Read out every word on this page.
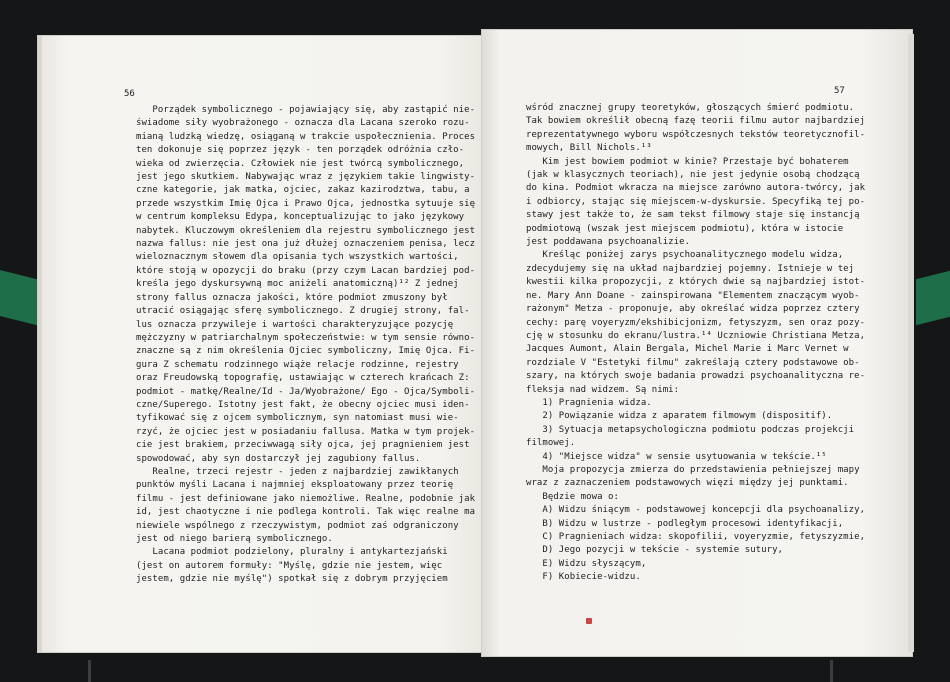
56
Porządek symbolicznego - pojawiający się, aby zastąpić nie-
świadome siły wyobrażonego - oznacza dla Lacana szeroko rozu-
mianą ludzką wiedzę, osiąganą w trakcie uspołecznienia. Proces
ten dokonuje się poprzez język - ten porządek odróżnia czło-
wieka od zwierzęcia. Człowiek nie jest twórcą symbolicznego,
jest jego skutkiem. Nabywając wraz z językiem takie lingwisty-
czne kategorie, jak matka, ojciec, zakaz kazirodztwa, tabu, a
przede wszystkim Imię Ojca i Prawo Ojca, jednostka sytuuje się
w centrum kompleksu Edypa, konceptualizując to jako językowy
nabytek. Kluczowym określeniem dla rejestru symbolicznego jest
nazwa fallus: nie jest ona już dłużej oznaczeniem penisa, lecz
wieloznacznym słowem dla opisania tych wszystkich wartości,
które stoją w opozycji do braku (przy czym Lacan bardziej pod-
kreśla jego dyskursywną moc aniżeli anatomiczną)¹² Z jednej
strony fallus oznacza jakości, które podmiot zmuszony był
utracić osiągając sferę symbolicznego. Z drugiej strony, fal-
lus oznacza przywileje i wartości charakteryzujące pozycję
mężczyzny w patriarchalnym społeczeństwie: w tym sensie równo-
znaczne są z nim określenia Ojciec symboliczny, Imię Ojca. Fi-
gura Z schematu rodzinnego wiąże relacje rodzinne, rejestry
oraz Freudowską topografię, ustawiając w czterech krańcach Z:
podmiot - matkę/Realne/Id - Ja/Wyobrażone/ Ego - Ojca/Symboli-
czne/Superego. Istotny jest fakt, że obecny ojciec musi iden-
tyfikować się z ojcem symbolicznym, syn natomiast musi wie-
rzyć, że ojciec jest w posiadaniu fallusa. Matka w tym projek-
cie jest brakiem, przeciwwagą siły ojca, jej pragnieniem jest
spowodować, aby syn dostarczył jej zagubiony fallus.
Realne, trzeci rejestr - jeden z najbardziej zawikłanych
punktów myśli Lacana i najmniej eksploatowany przez teorię
filmu - jest definiowane jako niemożliwe. Realne, podobnie jak
id, jest chaotyczne i nie podlega kontroli. Tak więc realne ma
niewiele wspólnego z rzeczywistym, podmiot zaś odgraniczony
jest od niego barierą symbolicznego.
Lacana podmiot podzielony, pluralny i antykartezjański
(jest on autorem formuły: "Myślę, gdzie nie jestem, więc
jestem, gdzie nie myślę") spotkał się z dobrym przyjęciem
57
wśród znacznej grupy teoretyków, głoszących śmierć podmiotu.
Tak bowiem określił obecną fazę teorii filmu autor najbardziej
reprezentatywnego wyboru współczesnych tekstów teoretycznofil-
mowych, Bill Nichols.¹³
Kim jest bowiem podmiot w kinie? Przestaje być bohaterem
(jak w klasycznych teoriach), nie jest jedynie osobą chodzącą
do kina. Podmiot wkracza na miejsce zarówno autora-twórcy, jak
i odbiorcy, stając się miejscem-w-dyskursie. Specyfiką tej po-
stawy jest także to, że sam tekst filmowy staje się instancją
podmiotową (wszak jest miejscem podmiotu), która w istocie
jest poddawana psychoanalizie.
Kreśląc poniżej zarys psychoanalitycznego modelu widza,
zdecydujemy się na układ najbardziej pojemny. Istnieje w tej
kwestii kilka propozycji, z których dwie są najbardziej istot-
ne. Mary Ann Doane - zainspirowana "Elementem znaczącym wyob-
rażonym" Metza - proponuje, aby określać widza poprzez cztery
cechy: parę voyeryzm/ekshibicjonizm, fetyszyzm, sen oraz pozy-
cję w stosunku do ekranu/lustra.¹⁴ Uczniowie Christiana Metza,
Jacques Aumont, Alain Bergala, Michel Marie i Marc Vernet w
rozdziale V "Estetyki filmu" zakreślają cztery podstawowe ob-
szary, na których swoje badania prowadzi psychoanalityczna re-
fleksja nad widzem. Są nimi:
1) Pragnienia widza.
2) Powiązanie widza z aparatem filmowym (dispositif).
3) Sytuacja metapsychologiczna podmiotu podczas projekcji
filmowej.
4) "Miejsce widza" w sensie usytuowania w tekście.¹⁵
Moja propozycja zmierza do przedstawienia pełniejszej mapy
wraz z zaznaczeniem podstawowych więzi między jej punktami.
Będzie mowa o:
A) Widzu śniącym - podstawowej koncepcji dla psychoanalizy,
B) Widzu w lustrze - podległym procesowi identyfikacji,
C) Pragnieniach widza: skopofilii, voyeryzmie, fetyszyzmie,
D) Jego pozycji w tekście - systemie sutury,
E) Widzu słyszącym,
F) Kobiecie-widzu.
